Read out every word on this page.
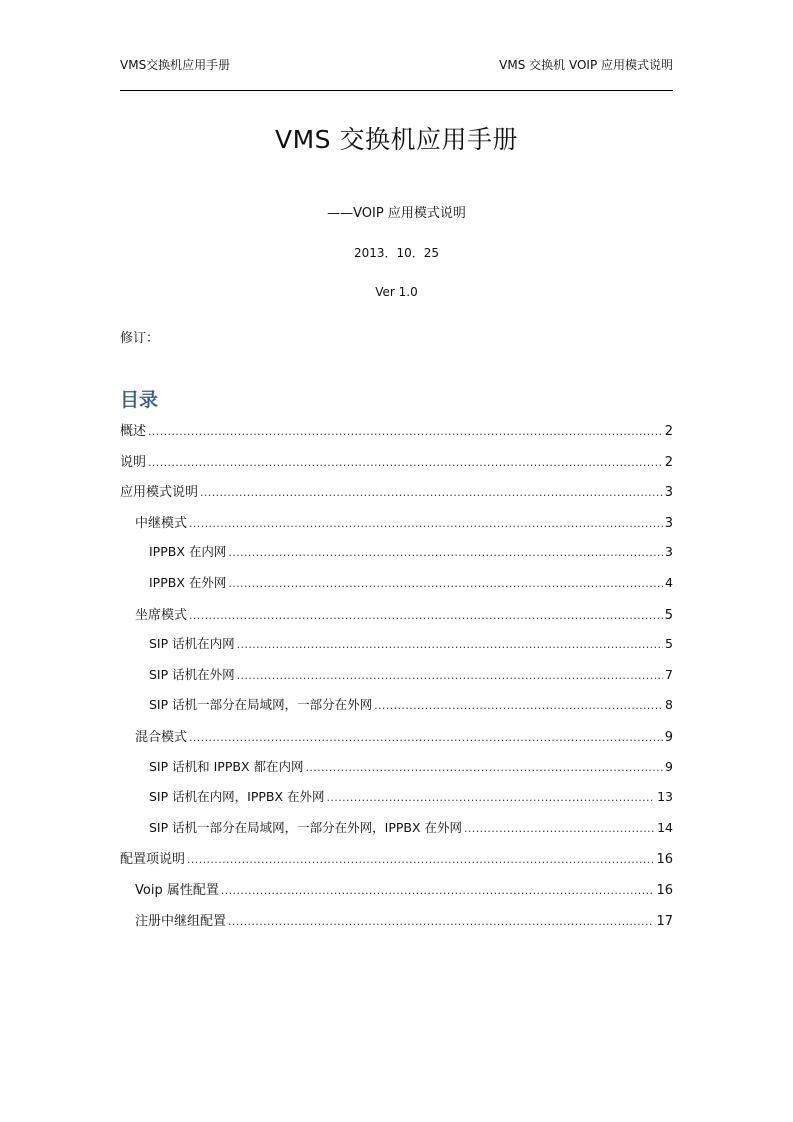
VMS交换机应用手册	VMS 交换机 VOIP 应用模式说明
VMS 交换机应用手册
——VOIP 应用模式说明
2013．10．25
Ver 1.0
修订：
目录
概述 .....	2
说明 .....	2
应用模式说明 .....	3
中继模式 .....	3
IPPBX 在内网 .....	3
IPPBX 在外网 .....	4
坐席模式 .....	5
SIP 话机在内网 .....	5
SIP 话机在外网 .....	7
SIP 话机一部分在局域网，一部分在外网 .....	8
混合模式 .....	9
SIP 话机和 IPPBX 都在内网 .....	9
SIP 话机在内网，IPPBX 在外网 .....	13
SIP 话机一部分在局域网，一部分在外网，IPPBX 在外网 .....	14
配置项说明 .....	16
Voip 属性配置 .....	16
注册中继组配置 .....	17
